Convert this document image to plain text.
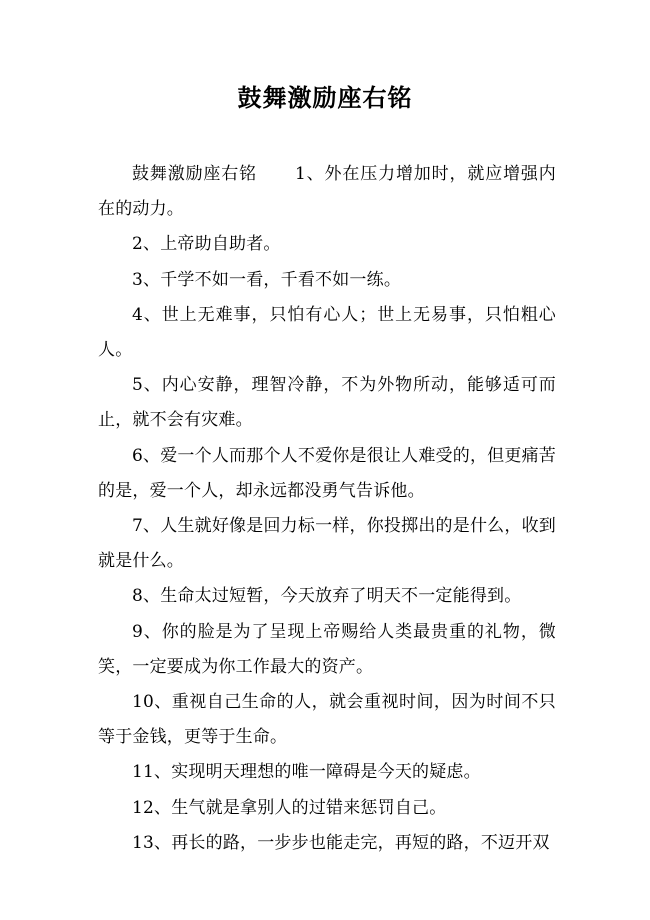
鼓舞激励座右铭

鼓舞激励座右铭 1、外在压力增加时，就应增强内在的动力。

2、上帝助自助者。

3、千学不如一看，千看不如一练。

4、世上无难事，只怕有心人；世上无易事，只怕粗心人。

5、内心安静，理智冷静，不为外物所动，能够适可而止，就不会有灾难。

6、爱一个人而那个人不爱你是很让人难受的，但更痛苦的是，爱一个人，却永远都没勇气告诉他。

7、人生就好像是回力标一样，你投掷出的是什么，收到就是什么。

8、生命太过短暂，今天放弃了明天不一定能得到。

9、你的脸是为了呈现上帝赐给人类最贵重的礼物，微笑，一定要成为你工作最大的资产。

10、重视自己生命的人，就会重视时间，因为时间不只等于金钱，更等于生命。

11、实现明天理想的唯一障碍是今天的疑虑。

12、生气就是拿别人的过错来惩罚自己。

13、再长的路，一步步也能走完，再短的路，不迈开双
